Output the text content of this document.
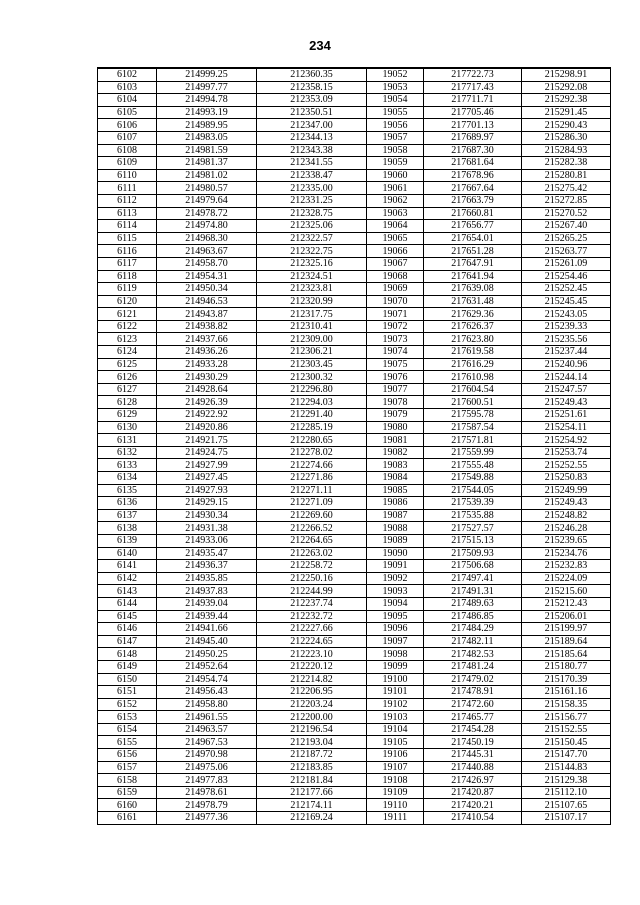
234
6102	214999.25	212360.35	19052	217722.73	215298.91
6103	214997.77	212358.15	19053	217717.43	215292.08
6104	214994.78	212353.09	19054	217711.71	215292.38
6105	214993.19	212350.51	19055	217705.46	215291.45
6106	214989.95	212347.00	19056	217701.13	215290.43
6107	214983.05	212344.13	19057	217689.97	215286.30
6108	214981.59	212343.38	19058	217687.30	215284.93
6109	214981.37	212341.55	19059	217681.64	215282.38
6110	214981.02	212338.47	19060	217678.96	215280.81
6111	214980.57	212335.00	19061	217667.64	215275.42
6112	214979.64	212331.25	19062	217663.79	215272.85
6113	214978.72	212328.75	19063	217660.81	215270.52
6114	214974.80	212325.06	19064	217656.77	215267.40
6115	214968.30	212322.57	19065	217654.01	215265.25
6116	214963.67	212322.75	19066	217651.28	215263.77
6117	214958.70	212325.16	19067	217647.91	215261.09
6118	214954.31	212324.51	19068	217641.94	215254.46
6119	214950.34	212323.81	19069	217639.08	215252.45
6120	214946.53	212320.99	19070	217631.48	215245.45
6121	214943.87	212317.75	19071	217629.36	215243.05
6122	214938.82	212310.41	19072	217626.37	215239.33
6123	214937.66	212309.00	19073	217623.80	215235.56
6124	214936.26	212306.21	19074	217619.58	215237.44
6125	214933.28	212303.45	19075	217616.29	215240.96
6126	214930.29	212300.32	19076	217610.98	215244.14
6127	214928.64	212296.80	19077	217604.54	215247.57
6128	214926.39	212294.03	19078	217600.51	215249.43
6129	214922.92	212291.40	19079	217595.78	215251.61
6130	214920.86	212285.19	19080	217587.54	215254.11
6131	214921.75	212280.65	19081	217571.81	215254.92
6132	214924.75	212278.02	19082	217559.99	215253.74
6133	214927.99	212274.66	19083	217555.48	215252.55
6134	214927.45	212271.86	19084	217549.88	215250.83
6135	214927.93	212271.11	19085	217544.05	215249.99
6136	214929.15	212271.09	19086	217539.39	215249.43
6137	214930.34	212269.60	19087	217535.88	215248.82
6138	214931.38	212266.52	19088	217527.57	215246.28
6139	214933.06	212264.65	19089	217515.13	215239.65
6140	214935.47	212263.02	19090	217509.93	215234.76
6141	214936.37	212258.72	19091	217506.68	215232.83
6142	214935.85	212250.16	19092	217497.41	215224.09
6143	214937.83	212244.99	19093	217491.31	215215.60
6144	214939.04	212237.74	19094	217489.63	215212.43
6145	214939.44	212232.72	19095	217486.85	215206.01
6146	214941.66	212227.66	19096	217484.29	215199.97
6147	214945.40	212224.65	19097	217482.11	215189.64
6148	214950.25	212223.10	19098	217482.53	215185.64
6149	214952.64	212220.12	19099	217481.24	215180.77
6150	214954.74	212214.82	19100	217479.02	215170.39
6151	214956.43	212206.95	19101	217478.91	215161.16
6152	214958.80	212203.24	19102	217472.60	215158.35
6153	214961.55	212200.00	19103	217465.77	215156.77
6154	214963.57	212196.54	19104	217454.28	215152.55
6155	214967.53	212193.04	19105	217450.19	215150.45
6156	214970.98	212187.72	19106	217445.31	215147.70
6157	214975.06	212183.85	19107	217440.88	215144.83
6158	214977.83	212181.84	19108	217426.97	215129.38
6159	214978.61	212177.66	19109	217420.87	215112.10
6160	214978.79	212174.11	19110	217420.21	215107.65
6161	214977.36	212169.24	19111	217410.54	215107.17
